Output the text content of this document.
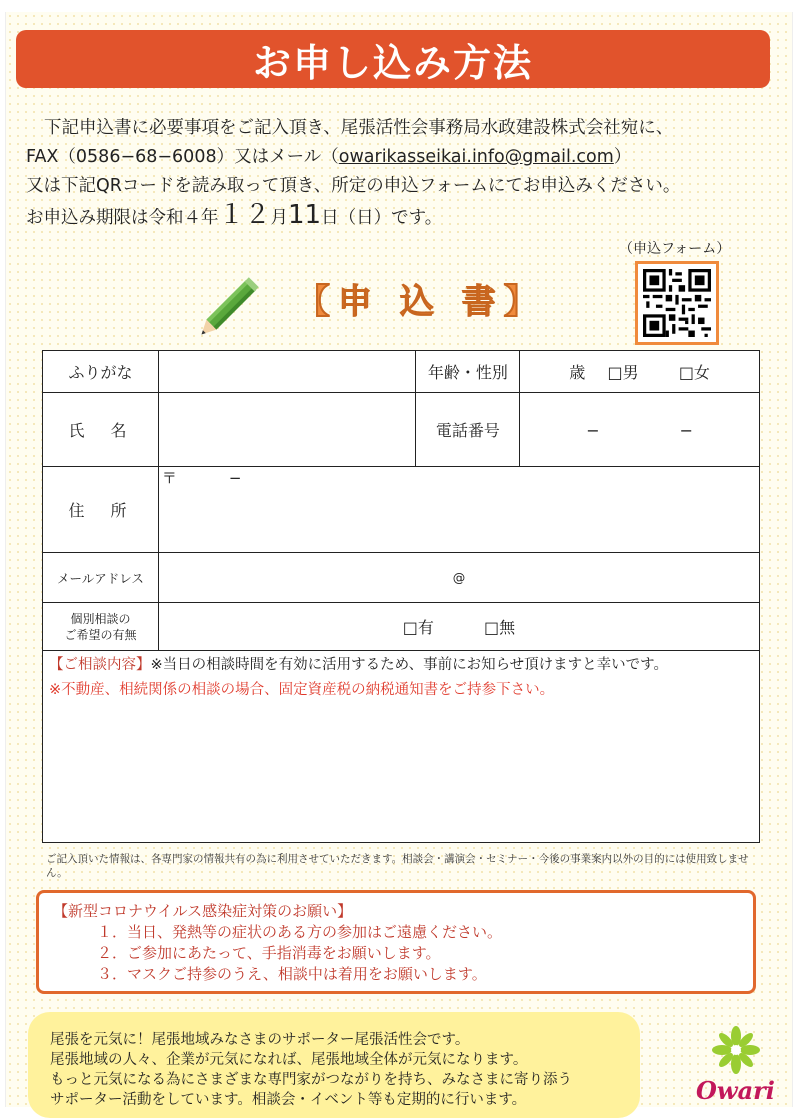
お申し込み方法
下記申込書に必要事項をご記入頂き、尾張活性会事務局水政建設株式会社宛に、
FAX（0586−68−6008）又はメール（owarikasseikai.info@gmail.com）
又は下記QRコードを読み取って頂き、所定の申込フォームにてお申込みください。
お申込み期限は令和４年１２月11日（日）です。
（申込フォーム）
【申 込 書】
ふりがな		年齢・性別	歳 □男 □女
氏名		電話番号	−　　　　　−
住所	〒 −		

メールアドレス	@		

個別相談の
ご希望の有無	□有 □無		

【ご相談内容】※当日の相談時間を有効に活用するため、事前にお知らせ頂けますと幸いです。
※不動産、相続関係の相談の場合、固定資産税の納税通知書をご持参下さい。			
ご記入頂いた情報は、各専門家の情報共有の為に利用させていただきます。相談会・講演会・セミナー・今後の事業案内以外の目的には使用致しません。
【新型コロナウイルス感染症対策のお願い】
１．当日、発熱等の症状のある方の参加はご遠慮ください。
２．ご参加にあたって、手指消毒をお願いします。
３．マスクご持参のうえ、相談中は着用をお願いします。
尾張を元気に！尾張地域みなさまのサポーター尾張活性会です。
尾張地域の人々、企業が元気になれば、尾張地域全体が元気になります。
もっと元気になる為にさまざまな専門家がつながりを持ち、みなさまに寄り添う
サポーター活動をしています。相談会・イベント等も定期的に行います。	Owari
